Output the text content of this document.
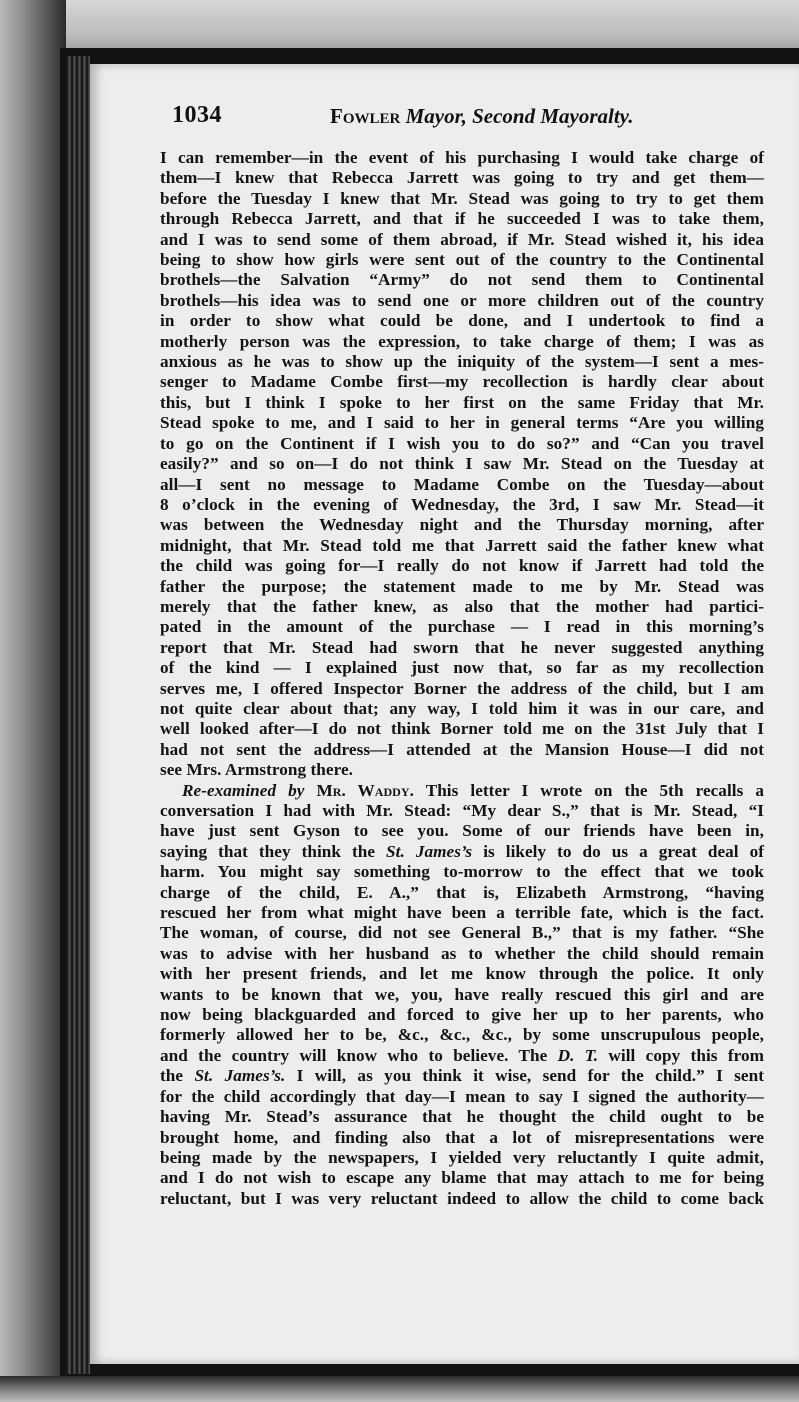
1034	Fowler Mayor, Second Mayoralty.
I can remember—in the event of his purchasing I would take charge of
them—I knew that Rebecca Jarrett was going to try and get them—
before the Tuesday I knew that Mr. Stead was going to try to get them
through Rebecca Jarrett, and that if he succeeded I was to take them,
and I was to send some of them abroad, if Mr. Stead wished it, his idea
being to show how girls were sent out of the country to the Continental
brothels—the Salvation “Army” do not send them to Continental
brothels—his idea was to send one or more children out of the country
in order to show what could be done, and I undertook to find a
motherly person was the expression, to take charge of them; I was as
anxious as he was to show up the iniquity of the system—I sent a mes-
senger to Madame Combe first—my recollection is hardly clear about
this, but I think I spoke to her first on the same Friday that Mr.
Stead spoke to me, and I said to her in general terms “Are you willing
to go on the Continent if I wish you to do so?” and “Can you travel
easily?” and so on—I do not think I saw Mr. Stead on the Tuesday at
all—I sent no message to Madame Combe on the Tuesday—about
8 o’clock in the evening of Wednesday, the 3rd, I saw Mr. Stead—it
was between the Wednesday night and the Thursday morning, after
midnight, that Mr. Stead told me that Jarrett said the father knew what
the child was going for—I really do not know if Jarrett had told the
father the purpose; the statement made to me by Mr. Stead was
merely that the father knew, as also that the mother had partici-
pated in the amount of the purchase — I read in this morning’s
report that Mr. Stead had sworn that he never suggested anything
of the kind — I explained just now that, so far as my recollection
serves me, I offered Inspector Borner the address of the child, but I am
not quite clear about that; any way, I told him it was in our care, and
well looked after—I do not think Borner told me on the 31st July that I
had not sent the address—I attended at the Mansion House—I did not
see Mrs. Armstrong there.
Re-examined by Mr. Waddy. This letter I wrote on the 5th recalls a
conversation I had with Mr. Stead: “My dear S.,” that is Mr. Stead, “I
have just sent Gyson to see you. Some of our friends have been in,
saying that they think the St. James’s is likely to do us a great deal of
harm. You might say something to-morrow to the effect that we took
charge of the child, E. A.,” that is, Elizabeth Armstrong, “having
rescued her from what might have been a terrible fate, which is the fact.
The woman, of course, did not see General B.,” that is my father. “She
was to advise with her husband as to whether the child should remain
with her present friends, and let me know through the police. It only
wants to be known that we, you, have really rescued this girl and are
now being blackguarded and forced to give her up to her parents, who
formerly allowed her to be, &c., &c., &c., by some unscrupulous people,
and the country will know who to believe. The D. T. will copy this from
the St. James’s. I will, as you think it wise, send for the child.” I sent
for the child accordingly that day—I mean to say I signed the authority—
having Mr. Stead’s assurance that he thought the child ought to be
brought home, and finding also that a lot of misrepresentations were
being made by the newspapers, I yielded very reluctantly I quite admit,
and I do not wish to escape any blame that may attach to me for being
reluctant, but I was very reluctant indeed to allow the child to come back
